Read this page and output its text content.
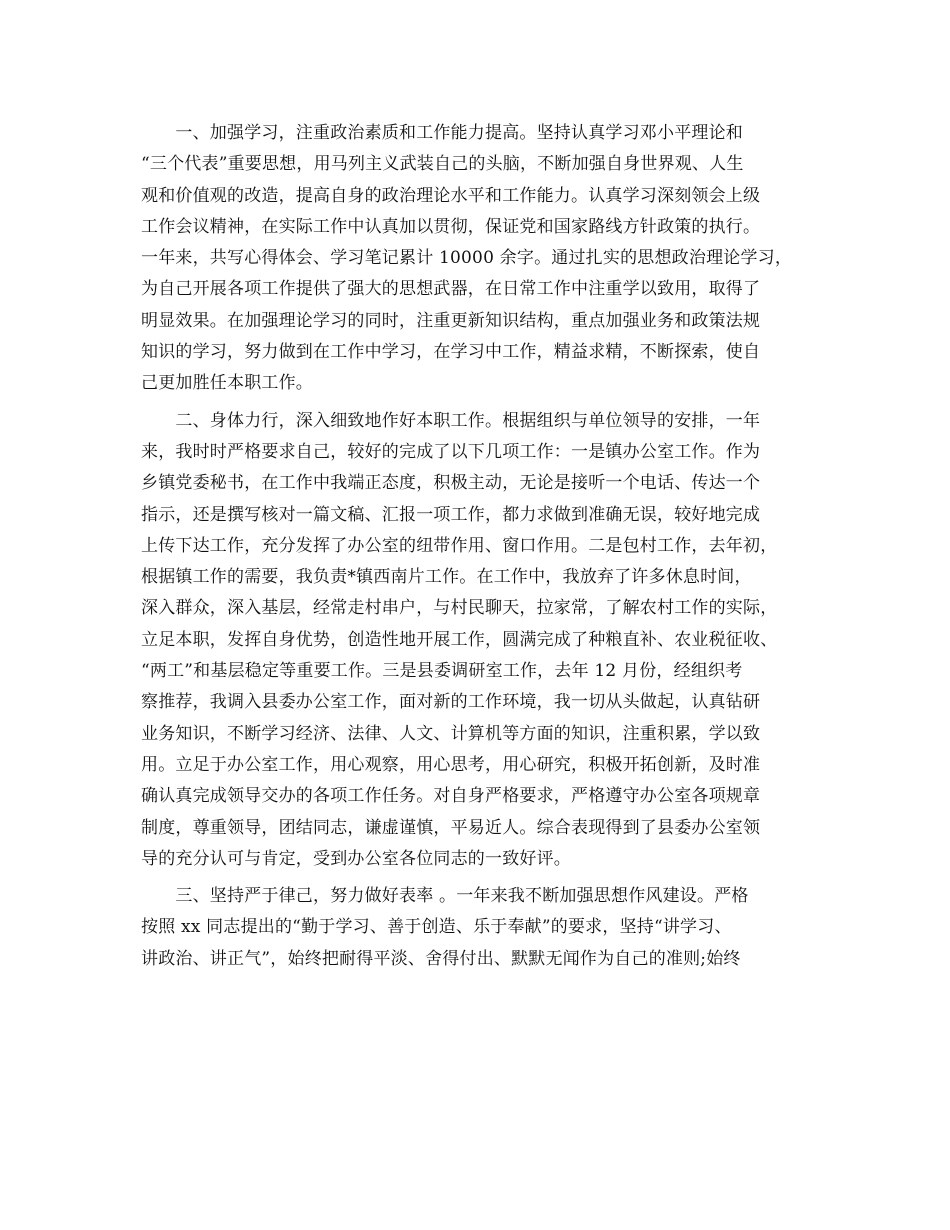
　　一、加强学习，注重政治素质和工作能力提高。坚持认真学习邓小平理论和
“三个代表”重要思想，用马列主义武装自己的头脑，不断加强自身世界观、人生
观和价值观的改造，提高自身的政治理论水平和工作能力。认真学习深刻领会上级
工作会议精神，在实际工作中认真加以贯彻，保证党和国家路线方针政策的执行。
一年来，共写心得体会、学习笔记累计 10000 余字。通过扎实的思想政治理论学习，
为自己开展各项工作提供了强大的思想武器，在日常工作中注重学以致用，取得了
明显效果。在加强理论学习的同时，注重更新知识结构，重点加强业务和政策法规
知识的学习，努力做到在工作中学习，在学习中工作，精益求精，不断探索，使自
己更加胜任本职工作。

　　二、身体力行，深入细致地作好本职工作。根据组织与单位领导的安排，一年
来，我时时严格要求自己，较好的完成了以下几项工作：一是镇办公室工作。作为
乡镇党委秘书，在工作中我端正态度，积极主动，无论是接听一个电话、传达一个
指示，还是撰写核对一篇文稿、汇报一项工作，都力求做到准确无误，较好地完成
上传下达工作，充分发挥了办公室的纽带作用、窗口作用。二是包村工作，去年初，
根据镇工作的需要，我负责*镇西南片工作。在工作中，我放弃了许多休息时间，
深入群众，深入基层，经常走村串户，与村民聊天，拉家常，了解农村工作的实际，
立足本职，发挥自身优势，创造性地开展工作，圆满完成了种粮直补、农业税征收、
“两工”和基层稳定等重要工作。三是县委调研室工作，去年 12 月份，经组织考
察推荐，我调入县委办公室工作，面对新的工作环境，我一切从头做起，认真钻研
业务知识，不断学习经济、法律、人文、计算机等方面的知识，注重积累，学以致
用。立足于办公室工作，用心观察，用心思考，用心研究，积极开拓创新，及时准
确认真完成领导交办的各项工作任务。对自身严格要求，严格遵守办公室各项规章
制度，尊重领导，团结同志，谦虚谨慎，平易近人。综合表现得到了县委办公室领
导的充分认可与肯定，受到办公室各位同志的一致好评。

　　三、坚持严于律己，努力做好表率 。一年来我不断加强思想作风建设。严格
按照 xx 同志提出的“勤于学习、善于创造、乐于奉献”的要求，坚持“讲学习、
讲政治、讲正气”，始终把耐得平淡、舍得付出、默默无闻作为自己的准则;始终
